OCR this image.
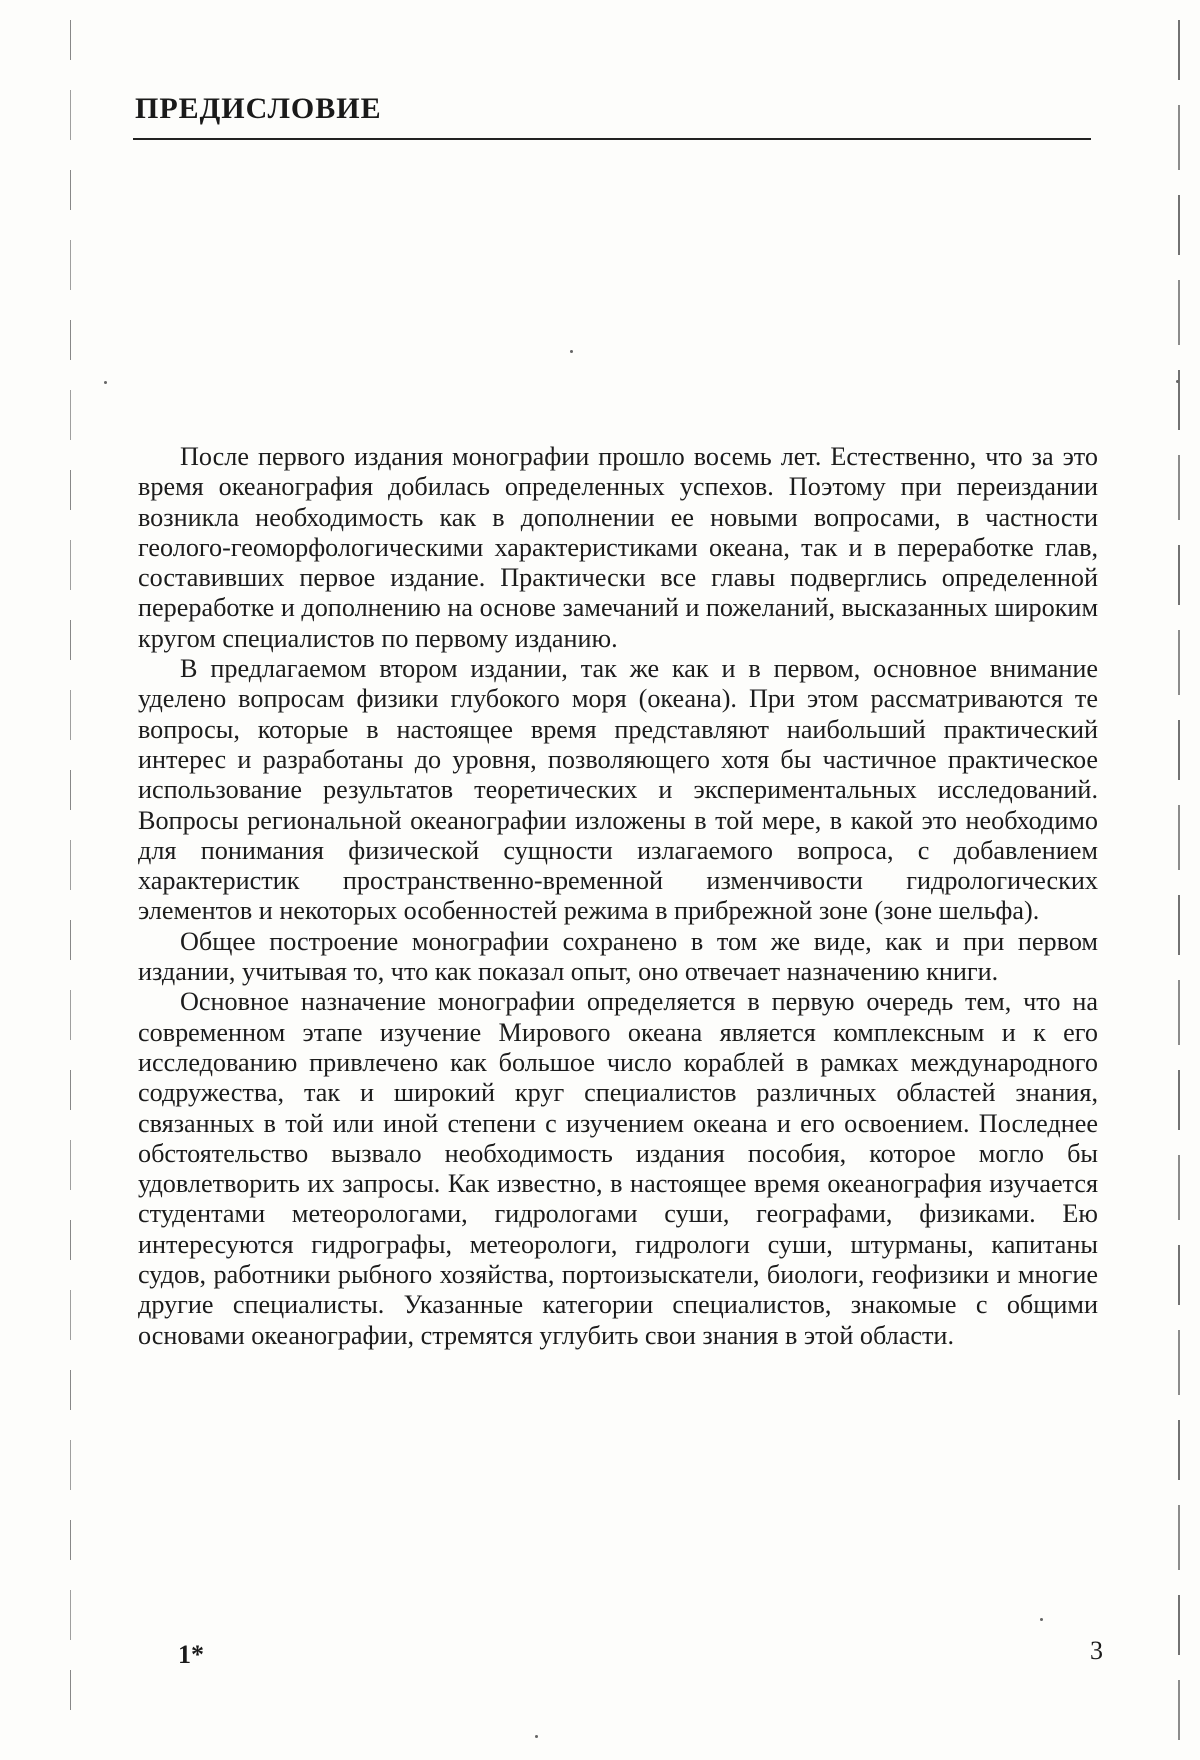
ПРЕДИСЛОВИЕ

После первого издания монографии прошло восемь лет. Естественно, что за это время океанография добилась определенных успехов. Поэтому при переиздании возникла необходимость как в дополнении ее новыми вопросами, в частности геолого-геоморфологическими характеристиками океана, так и в переработке глав, составивших первое издание. Практически все главы подверглись определенной переработке и дополнению на основе замечаний и пожеланий, высказанных широким кругом специалистов по первому изданию.

В предлагаемом втором издании, так же как и в первом, основное внимание уделено вопросам физики глубокого моря (океана). При этом рассматриваются те вопросы, которые в настоящее время представляют наибольший практический интерес и разработаны до уровня, позволяющего хотя бы частичное практическое использование результатов теоретических и экспериментальных исследований. Вопросы региональной океанографии изложены в той мере, в какой это необходимо для понимания физической сущности излагаемого вопроса, с добавлением характеристик пространственно-временной изменчивости гидрологических элементов и некоторых особенностей режима в прибрежной зоне (зоне шельфа).

Общее построение монографии сохранено в том же виде, как и при первом издании, учитывая то, что как показал опыт, оно отвечает назначению книги.

Основное назначение монографии определяется в первую очередь тем, что на современном этапе изучение Мирового океана является комплексным и к его исследованию привлечено как большое число кораблей в рамках международного содружества, так и широкий круг специалистов различных областей знания, связанных в той или иной степени с изучением океана и его освоением. Последнее обстоятельство вызвало необходимость издания пособия, которое могло бы удовлетворить их запросы. Как известно, в настоящее время океанография изучается студентами метеорологами, гидрологами суши, географами, физиками. Ею интересуются гидрографы, метеорологи, гидрологи суши, штурманы, капитаны судов, работники рыбного хозяйства, портоизыскатели, биологи, геофизики и многие другие специалисты. Указанные категории специалистов, знакомые с общими основами океанографии, стремятся углубить свои знания в этой области.

1*	3
